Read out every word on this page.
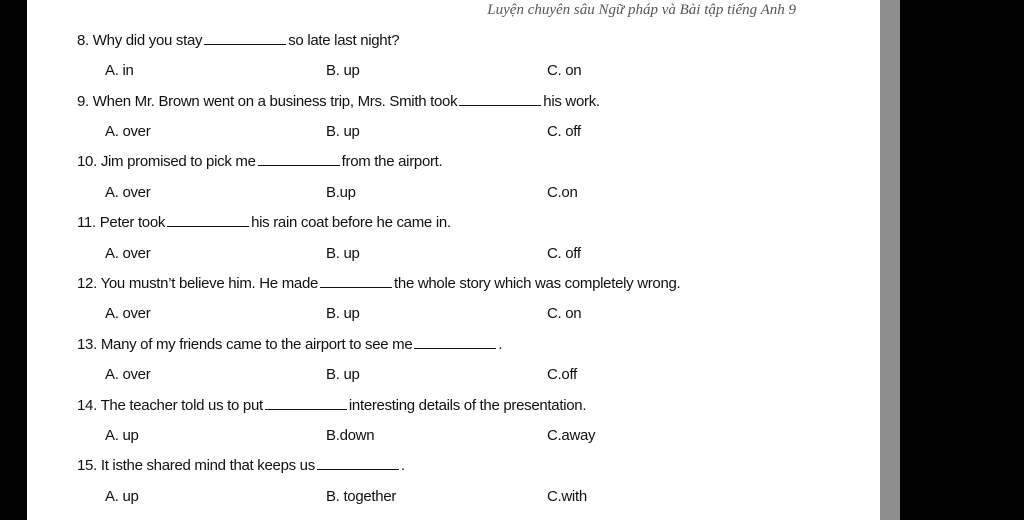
Luyện chuyên sâu Ngữ pháp và Bài tập tiếng Anh 9
8. Why did you stay	so late last night?
A. in	B. up	C. on
9. When Mr. Brown went on a business trip, Mrs. Smith took	his work.
A. over	B. up	C. off
10. Jim promised to pick me	from the airport.
A. over	B.up	C.on
11. Peter took	his rain coat before he came in.
A. over	B. up	C. off
12. You mustn’t believe him. He made	the whole story which was completely wrong.
A. over	B. up	C. on
13. Many of my friends came to the airport to see me	.
A. over	B. up	C.off
14. The teacher told us to put	interesting details of the presentation.
A. up	B.down	C.away
15. It isthe shared mind that keeps us	.
A. up	B. together	C.with
